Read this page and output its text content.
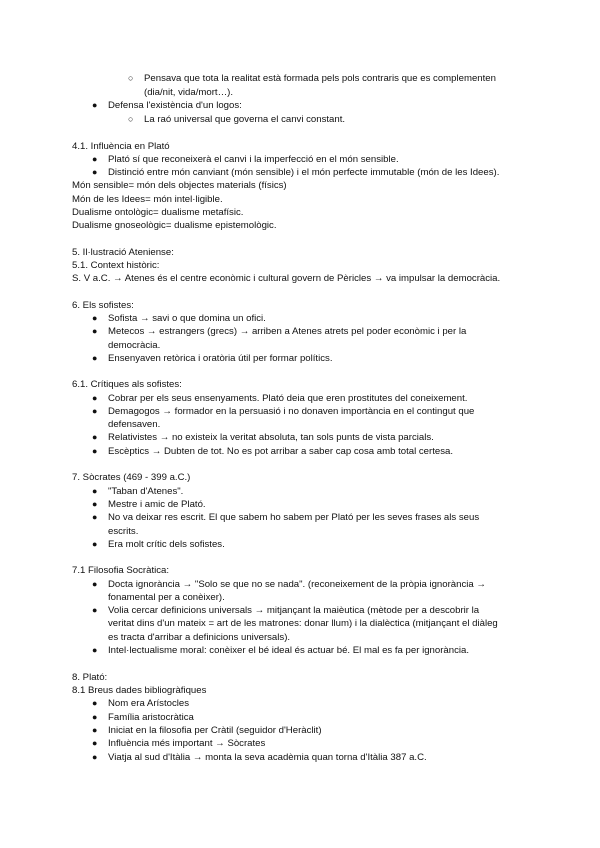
○ Pensava que tota la realitat està formada pels pols contraris que es complementen
(dia/nit, vida/mort…).
● Defensa l'existència d'un logos:
○ La raó universal que governa el canvi constant.
4.1. Influència en Plató
● Plató sí que reconeixerà el canvi i la imperfecció en el món sensible.
● Distinció entre món canviant (món sensible) i el món perfecte immutable (món de les Idees).
Món sensible= món dels objectes materials (físics)
Món de les Idees= món intel·ligible.
Dualisme ontològic= dualisme metafísic.
Dualisme gnoseològic= dualisme epistemològic.
5. Il·lustració Ateniense:
5.1. Context històric:
S. V a.C. → Atenes és el centre econòmic i cultural govern de Pèricles → va impulsar la democràcia.
6. Els sofistes:
● Sofista → savi o que domina un ofici.
● Metecos → estrangers (grecs) → arriben a Atenes atrets pel poder econòmic i per la
democràcia.
● Ensenyaven retòrica i oratòria útil per formar polítics.
6.1. Crítiques als sofistes:
● Cobrar per els seus ensenyaments. Plató deia que eren prostitutes del coneixement.
● Demagogos → formador en la persuasió i no donaven importància en el contingut que
defensaven.
● Relativistes → no existeix la veritat absoluta, tan sols punts de vista parcials.
● Escèptics → Dubten de tot. No es pot arribar a saber cap cosa amb total certesa.
7. Sòcrates (469 - 399 a.C.)
● "Taban d'Atenes".
● Mestre i amic de Plató.
● No va deixar res escrit. El que sabem ho sabem per Plató per les seves frases als seus
escrits.
● Era molt crític dels sofistes.
7.1 Filosofia Socràtica:
● Docta ignorància → "Solo se que no se nada". (reconeixement de la pròpia ignorància →
fonamental per a conèixer).
● Volia cercar definicions universals → mitjançant la maièutica (mètode per a descobrir la
veritat dins d'un mateix = art de les matrones: donar llum) i la dialèctica (mitjançant el diàleg
es tracta d'arribar a definicions universals).
● Intel·lectualisme moral: conèixer el bé ideal és actuar bé. El mal es fa per ignorància.
8. Plató:
8.1 Breus dades bibliogràfiques
● Nom era Arístocles
● Família aristocràtica
● Iniciat en la filosofia per Cràtil (seguidor d'Heràclit)
● Influència més important → Sòcrates
● Viatja al sud d'Itàlia → monta la seva acadèmia quan torna d'Itàlia 387 a.C.
